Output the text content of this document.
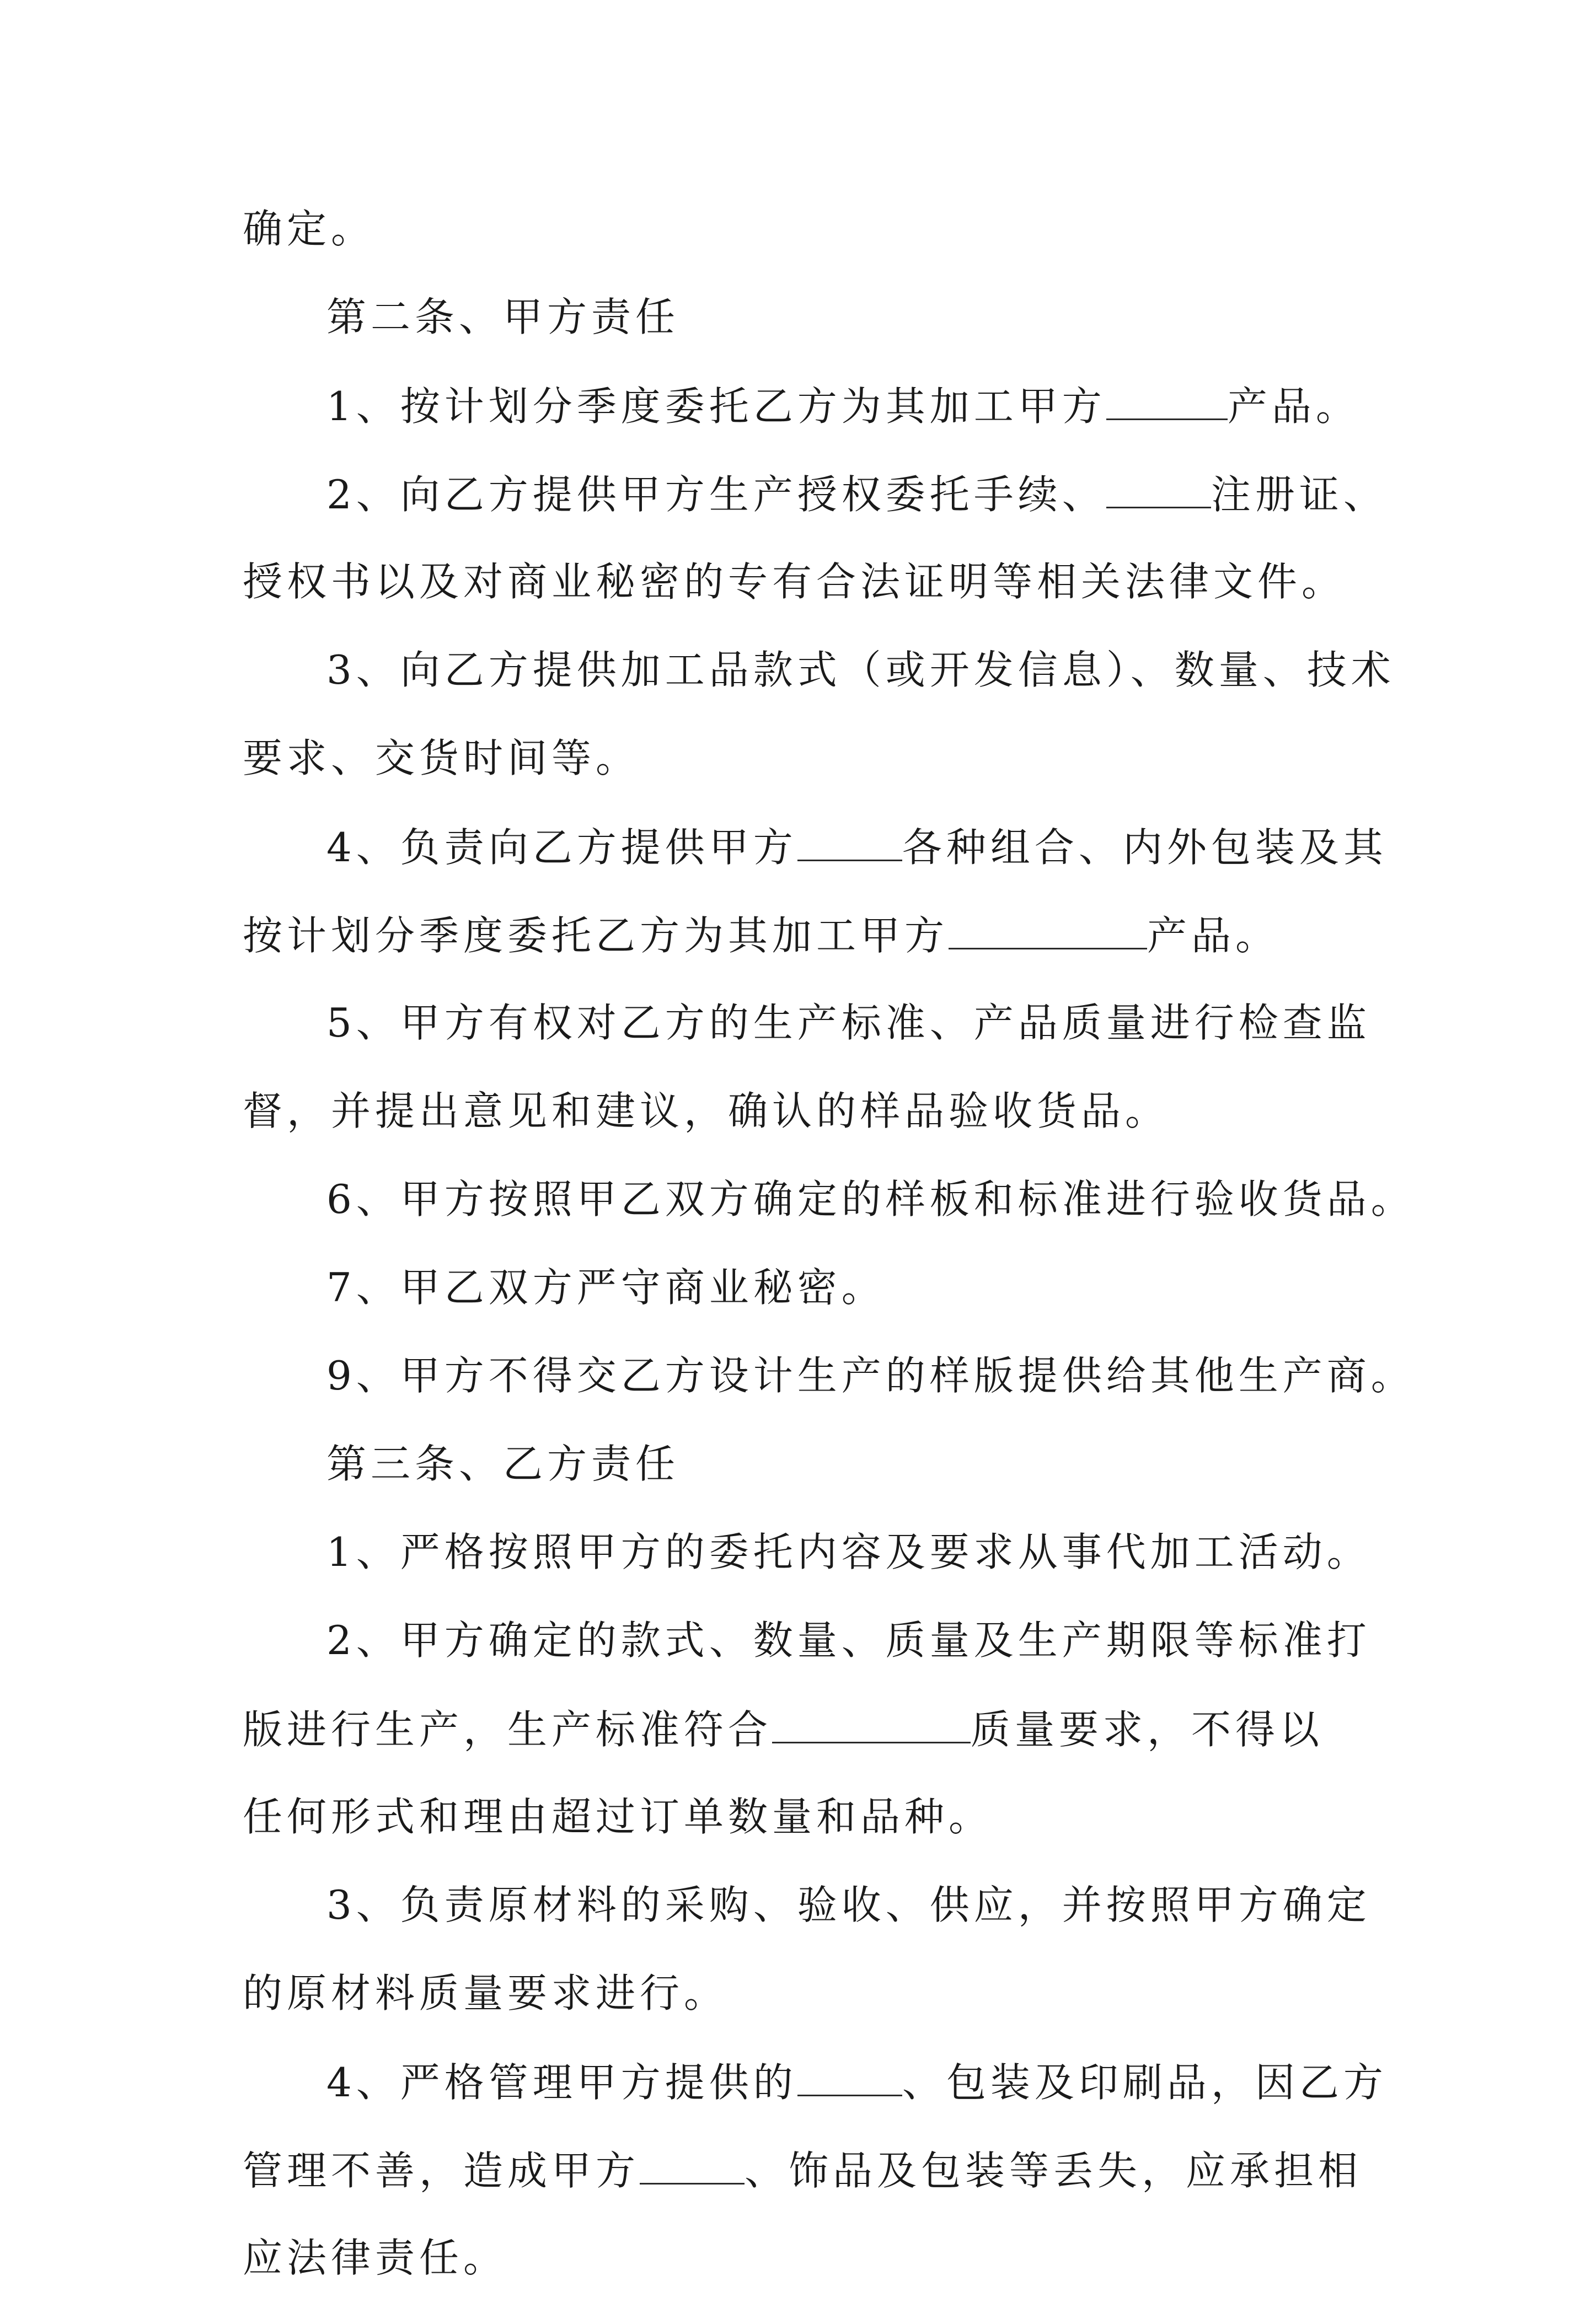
确定。
第二条、甲方责任
1、按计划分季度委托乙方为其加工甲方	产品。
2、向乙方提供甲方生产授权委托手续、	注册证、
授权书以及对商业秘密的专有合法证明等相关法律文件。
3、向乙方提供加工品款式（或开发信息）、数量、技术
要求、交货时间等。
4、负责向乙方提供甲方	各种组合、内外包装及其
按计划分季度委托乙方为其加工甲方	产品。
5、甲方有权对乙方的生产标准、产品质量进行检查监
督，并提出意见和建议，确认的样品验收货品。
6、甲方按照甲乙双方确定的样板和标准进行验收货品。
7、甲乙双方严守商业秘密。
9、甲方不得交乙方设计生产的样版提供给其他生产商。
第三条、乙方责任
1、严格按照甲方的委托内容及要求从事代加工活动。
2、甲方确定的款式、数量、质量及生产期限等标准打
版进行生产，生产标准符合	质量要求，不得以
任何形式和理由超过订单数量和品种。
3、负责原材料的采购、验收、供应，并按照甲方确定
的原材料质量要求进行。
4、严格管理甲方提供的	、包装及印刷品，因乙方
管理不善，造成甲方	、饰品及包装等丢失，应承担相
应法律责任。
